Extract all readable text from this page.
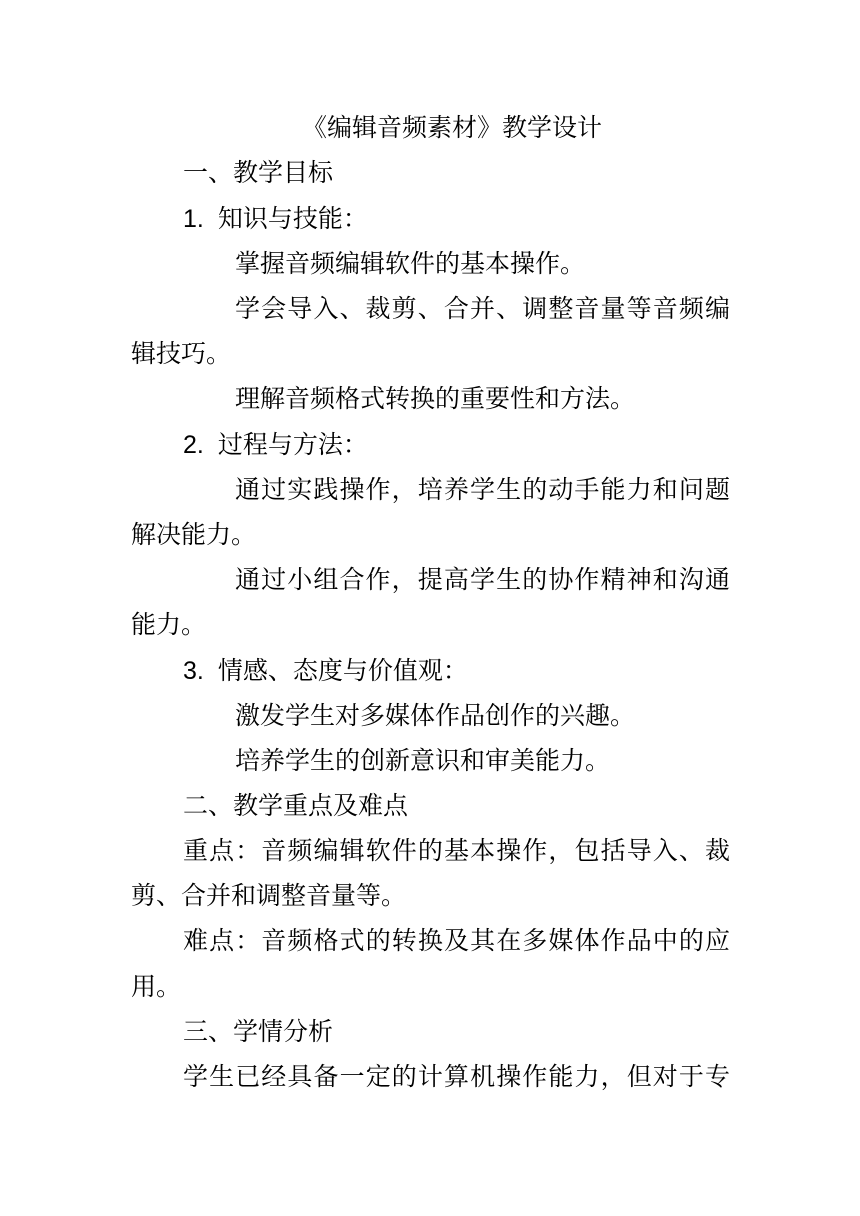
《编辑音频素材》教学设计

一、教学目标

1. 知识与技能：

掌握音频编辑软件的基本操作。

学会导入、裁剪、合并、调整音量等音频编

辑技巧。

理解音频格式转换的重要性和方法。

2. 过程与方法：

通过实践操作，培养学生的动手能力和问题

解决能力。

通过小组合作，提高学生的协作精神和沟通

能力。

3. 情感、态度与价值观：

激发学生对多媒体作品创作的兴趣。

培养学生的创新意识和审美能力。

二、教学重点及难点

重点：音频编辑软件的基本操作，包括导入、裁

剪、合并和调整音量等。

难点：音频格式的转换及其在多媒体作品中的应

用。

三、学情分析

学生已经具备一定的计算机操作能力，但对于专
